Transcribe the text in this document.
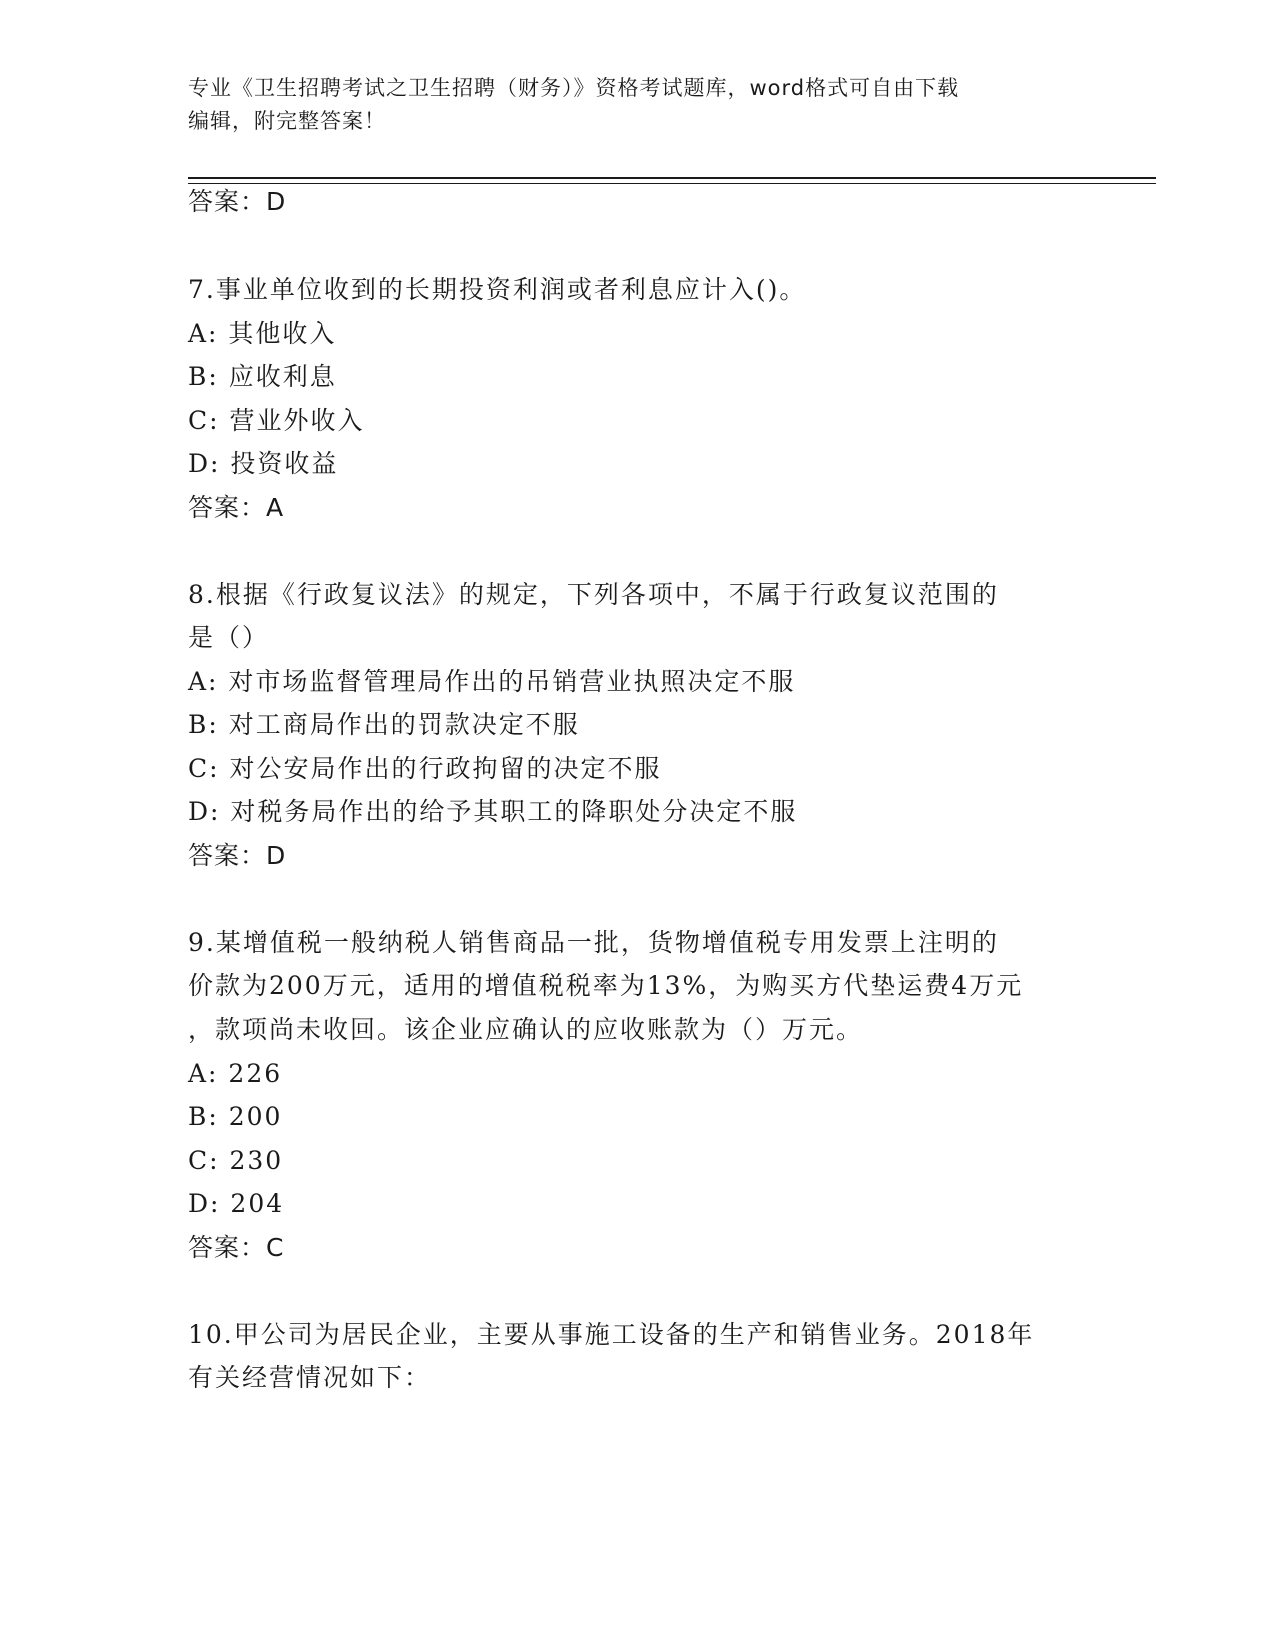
专业《卫生招聘考试之卫生招聘（财务）》资格考试题库，word格式可自由下载
编辑，附完整答案！
答案：D
7.事业单位收到的长期投资利润或者利息应计入()。
A: 其他收入
B: 应收利息
C: 营业外收入
D: 投资收益
答案：A
8.根据《行政复议法》的规定，下列各项中，不属于行政复议范围的
是（）
A: 对市场监督管理局作出的吊销营业执照决定不服
B: 对工商局作出的罚款决定不服
C: 对公安局作出的行政拘留的决定不服
D: 对税务局作出的给予其职工的降职处分决定不服
答案：D
9.某增值税一般纳税人销售商品一批，货物增值税专用发票上注明的
价款为200万元，适用的增值税税率为13%，为购买方代垫运费4万元
，款项尚未收回。该企业应确认的应收账款为（）万元。
A: 226
B: 200
C: 230
D: 204
答案：C
10.甲公司为居民企业，主要从事施工设备的生产和销售业务。2018年
有关经营情况如下：
